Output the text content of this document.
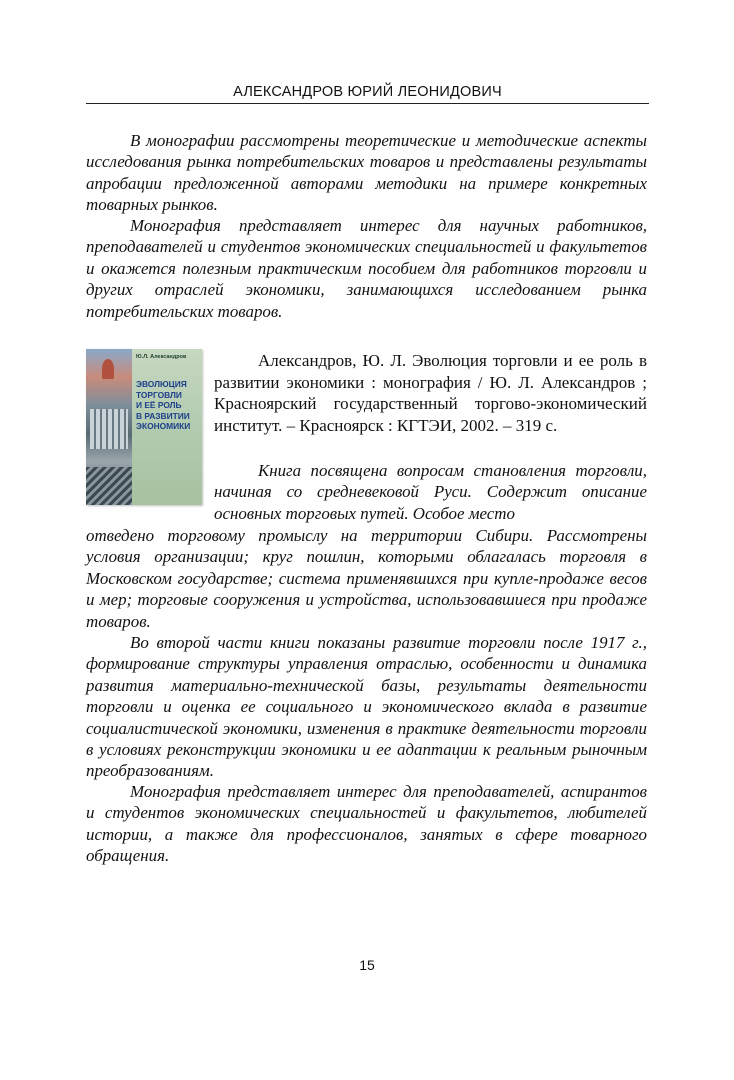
АЛЕКСАНДРОВ ЮРИЙ ЛЕОНИДОВИЧ

В монографии рассмотрены теоретические и методические аспекты исследования рынка потребительских товаров и представлены результаты апробации предложенной авторами методики на примере конкретных товарных рынков.

Монография представляет интерес для научных работников, преподавателей и студентов экономических специальностей и факультетов и окажется полезным практическим пособием для работников торговли и других отраслей экономики, занимающихся исследованием рынка потребительских товаров.

Ю.Л. Александров
ЭВОЛЮЦИЯ
ТОРГОВЛИ
И ЕЁ РОЛЬ
В РАЗВИТИИ
ЭКОНОМИКИ

Александров, Ю. Л. Эволюция торговли и ее роль в развитии экономики : монография / Ю. Л. Александров ; Красноярский государственный торгово-экономический институт. – Красноярск : КГТЭИ, 2002. – 319 с.

Книга посвящена вопросам становления торговли, начиная со средневековой Руси. Содержит описание основных торговых путей. Особое место

отведено торговому промыслу на территории Сибири. Рассмотрены условия организации; круг пошлин, которыми облагалась торговля в Московском государстве; система применявшихся при купле-продаже весов и мер; торговые сооружения и устройства, использовавшиеся при продаже товаров.

Во второй части книги показаны развитие торговли после 1917 г., формирование структуры управления отраслью, особенности и динамика развития материально-технической базы, результаты деятельности торговли и оценка ее социального и экономического вклада в развитие социалистической экономики, изменения в практике деятельности торговли в условиях реконструкции экономики и ее адаптации к реальным рыночным преобразованиям.

Монография представляет интерес для преподавателей, аспирантов и студентов экономических специальностей и факультетов, любителей истории, а также для профессионалов, занятых в сфере товарного обращения.

15
